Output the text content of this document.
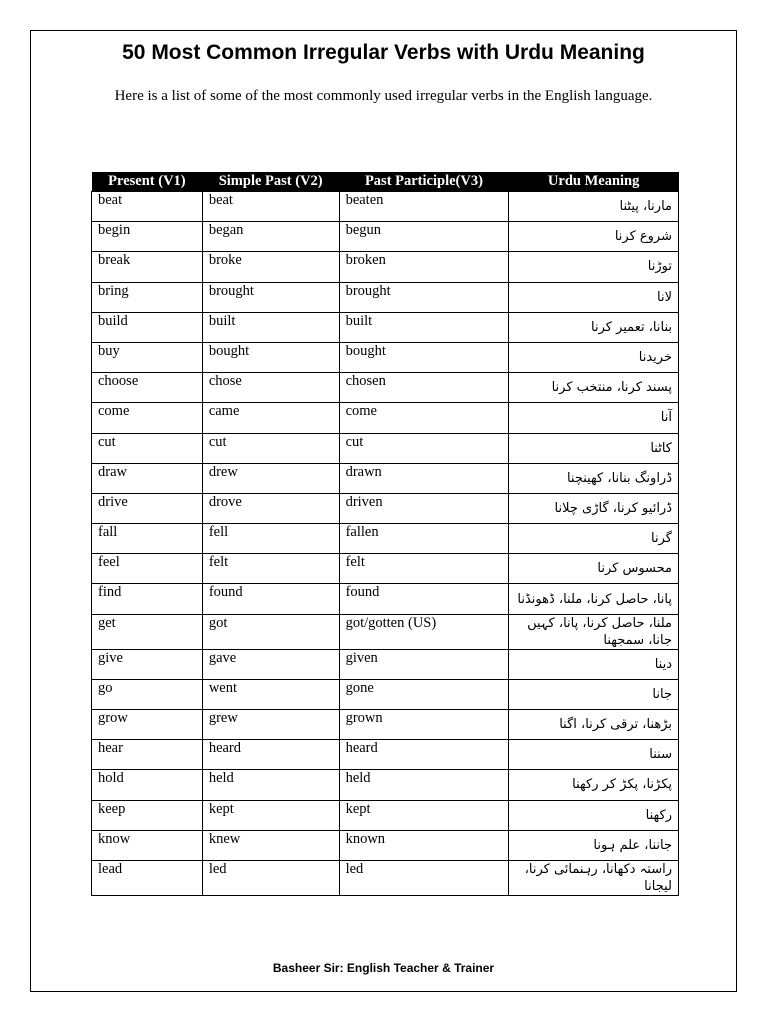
50 Most Common Irregular Verbs with Urdu Meaning
Here is a list of some of the most commonly used irregular verbs in the English language.
Present (V1)	Simple Past (V2)	Past Participle(V3)	Urdu Meaning
beat	beat	beaten	مارنا، پیٹنا
begin	began	begun	شروع کرنا
break	broke	broken	توڑنا
bring	brought	brought	لانا
build	built	built	بنانا، تعمیر کرنا
buy	bought	bought	خریدنا
choose	chose	chosen	پسند کرنا، منتخب کرنا
come	came	come	آنا
cut	cut	cut	کاٹنا
draw	drew	drawn	ڈراونگ بنانا، کھینچنا
drive	drove	driven	ڈرائیو کرنا، گاڑی چلانا
fall	fell	fallen	گرنا
feel	felt	felt	محسوس کرنا
find	found	found	پانا، حاصل کرنا، ملنا، ڈھونڈنا
get	got	got/gotten (US)	ملنا، حاصل کرنا، پانا، کہیں جانا، سمجھنا
give	gave	given	دینا
go	went	gone	جانا
grow	grew	grown	بڑھنا، ترقی کرنا، اگنا
hear	heard	heard	سننا
hold	held	held	پکڑنا، پکڑ کر رکھنا
keep	kept	kept	رکھنا
know	knew	known	جاننا، علم ہونا
lead	led	led	راستہ دکھانا، رہنمائی کرنا، لیجانا
Basheer Sir: English Teacher & Trainer
